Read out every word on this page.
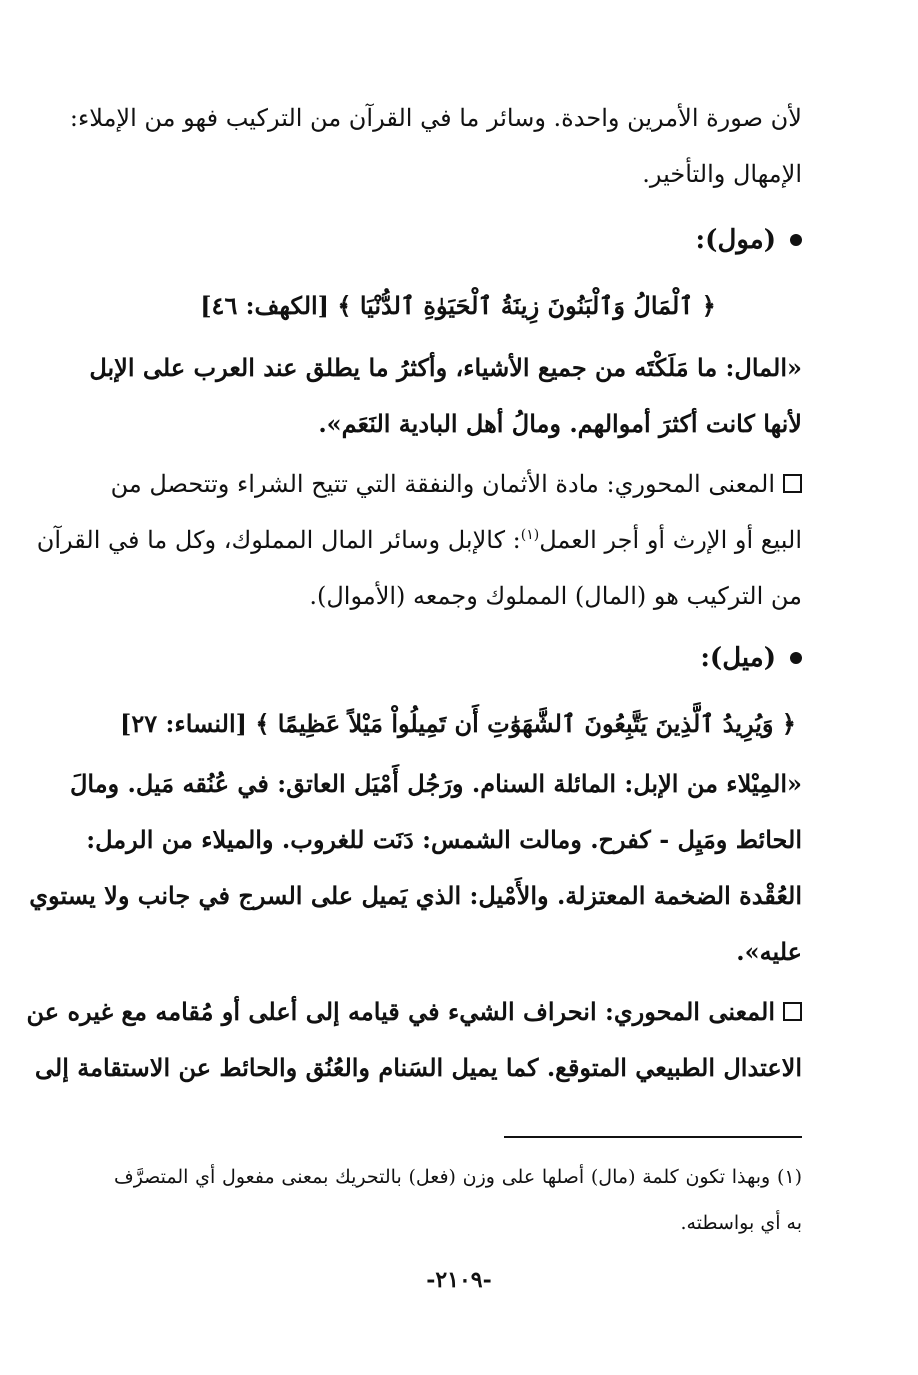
لأن صورة الأمرين واحدة. وسائر ما في القرآن من التركيب فهو من الإملاء:
الإمهال والتأخير.
(مول):
﴿ ٱلْمَالُ وَٱلْبَنُونَ زِينَةُ ٱلْحَيَوٰةِ ٱلدُّنْيَا ﴾ [الكهف: ٤٦]
«المال: ما مَلَكْتَه من جميع الأشياء، وأكثرُ ما يطلق عند العرب على الإبل
لأنها كانت أكثرَ أموالهم. ومالُ أهل البادية النَعَم».
المعنى المحوري: مادة الأثمان والنفقة التي تتيح الشراء وتتحصل من
البيع أو الإرث أو أجر العمل$^{(١)}$: كالإبل وسائر المال المملوك، وكل ما في القرآن
من التركيب هو (المال) المملوك وجمعه (الأموال).
(ميل):
﴿ وَيُرِيدُ ٱلَّذِينَ يَتَّبِعُونَ ٱلشَّهَوَٰتِ أَن تَمِيلُواْ مَيْلاً عَظِيمًا ﴾ [النساء: ٢٧]
«المِيْلاء من الإبل: المائلة السنام. ورَجُل أَمْيَل العاتق: في عُنُقه مَيل. ومالَ
الحائط ومَيِل - كفرح. ومالت الشمس: دَنَت للغروب. والميلاء من الرمل:
العُقْدة الضخمة المعتزلة. والأَمْيل: الذي يَميل على السرج في جانب ولا يستوي
عليه».
المعنى المحوري: انحراف الشيء في قيامه إلى أعلى أو مُقامه مع غيره عن
الاعتدال الطبيعي المتوقع. كما يميل السَنام والعُنُق والحائط عن الاستقامة إلى
(١) وبهذا تكون كلمة (مال) أصلها على وزن (فعل) بالتحريك بمعنى مفعول أي المتصرَّف
به أي بواسطته.
-٢١٠٩-
